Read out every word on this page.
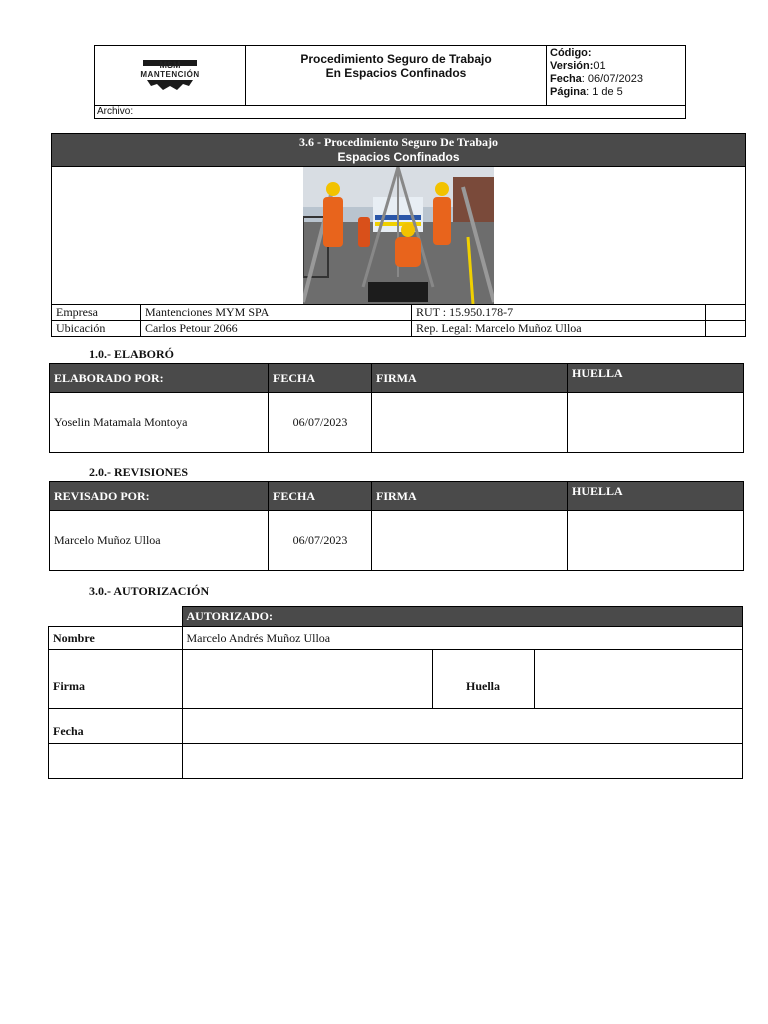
MSM
MANTENCIÓN

Procedimiento Seguro de Trabajo
En Espacios Confinados

Código:
Versión:01
Fecha: 06/07/2023
Página: 1 de 5

Archivo:
3.6 - Procedimiento Seguro De Trabajo
Espacios Confinados			

Empresa	Mantenciones MYM SPA	RUT : 15.950.178-7	
Ubicación	Carlos Petour 2066	Rep. Legal: Marcelo Muñoz Ulloa	
1.0.- ELABORÓ
ELABORADO POR:	FECHA	FIRMA	HUELLA
Yoselin Matamala Montoya	06/07/2023		
2.0.- REVISIONES
REVISADO POR:	FECHA	FIRMA	HUELLA
Marcelo Muñoz Ulloa	06/07/2023		
3.0.- AUTORIZACIÓN
	AUTORIZADO:		
Nombre	Marcelo Andrés Muñoz Ulloa		
Firma		Huella	
Fecha			
